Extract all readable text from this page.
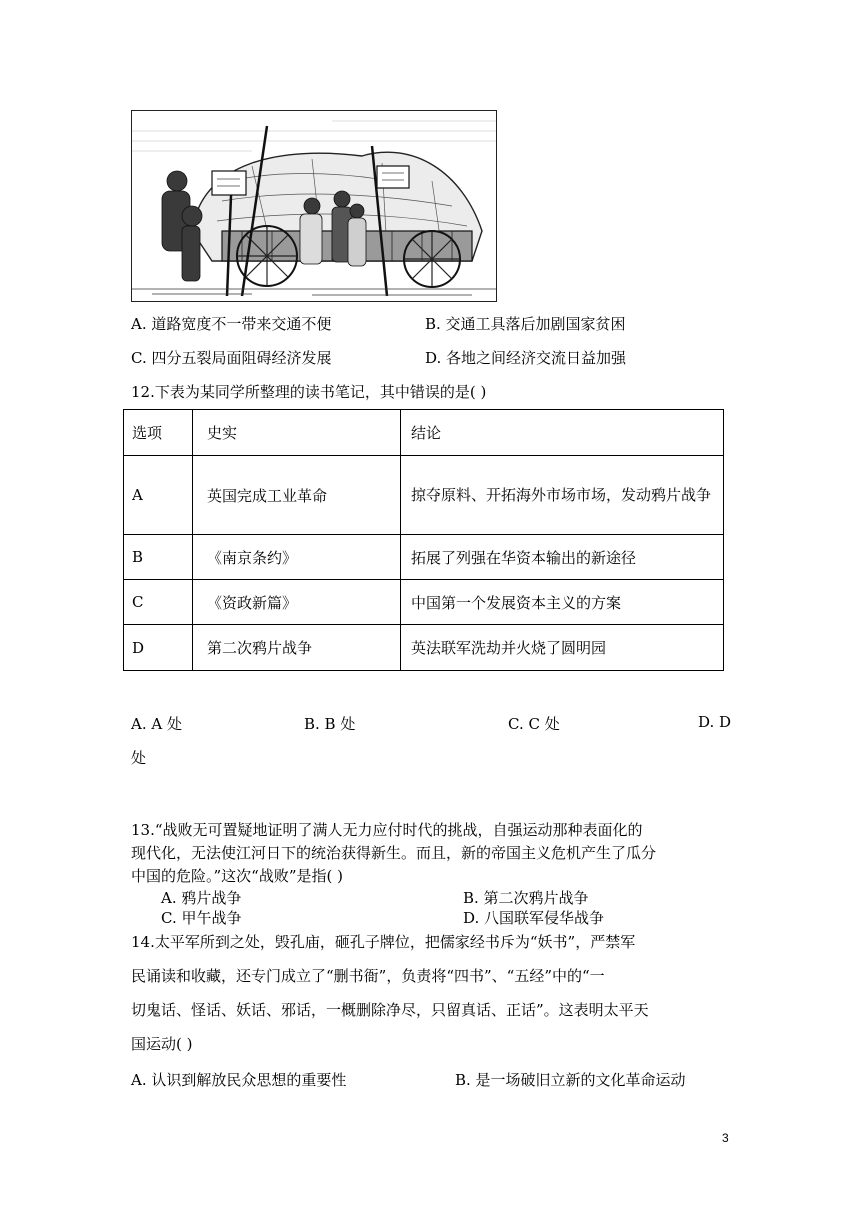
A. 道路宽度不一带来交通不便	B. 交通工具落后加剧国家贫困
C. 四分五裂局面阻碍经济发展	D. 各地之间经济交流日益加强
12.下表为某同学所整理的读书笔记，其中错误的是( )
选项	史实	结论
A	英国完成工业革命	掠夺原料、开拓海外市场市场，发动鸦片战争
B	《南京条约》	拓展了列强在华资本输出的新途径
C	《资政新篇》	中国第一个发展资本主义的方案
D	第二次鸦片战争	英法联军洗劫并火烧了圆明园
A. A 处	B. B 处	C. C 处	D. D
处
13.“战败无可置疑地证明了满人无力应付时代的挑战，自强运动那种表面化的
现代化，无法使江河日下的统治获得新生。而且，新的帝国主义危机产生了瓜分
中国的危险。”这次“战败”是指( )
A. 鸦片战争	B. 第二次鸦片战争
C. 甲午战争	D. 八国联军侵华战争
14.太平军所到之处，毁孔庙，砸孔子牌位，把儒家经书斥为“妖书”，严禁军
民诵读和收藏，还专门成立了“删书衙”，负责将“四书”、“五经”中的“一
切鬼话、怪话、妖话、邪话，一概删除净尽，只留真话、正话”。这表明太平天
国运动( )
A. 认识到解放民众思想的重要性	B. 是一场破旧立新的文化革命运动
3
